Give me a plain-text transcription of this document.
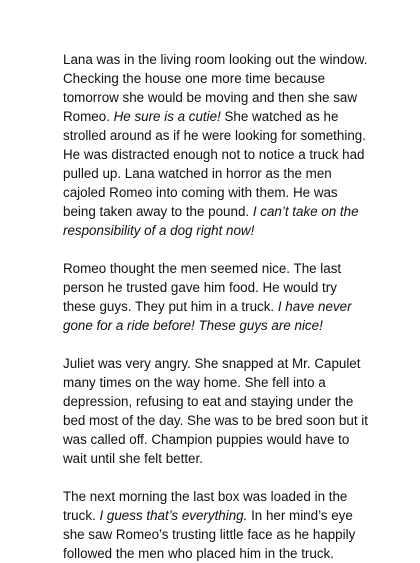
Lana was in the living room looking out the window. Checking the house one more time because tomorrow she would be moving and then she saw Romeo. He sure is a cutie! She watched as he strolled around as if he were looking for something. He was distracted enough not to notice a truck had pulled up. Lana watched in horror as the men cajoled Romeo into coming with them. He was being taken away to the pound. I can’t take on the responsibility of a dog right now!

Romeo thought the men seemed nice. The last person he trusted gave him food. He would try these guys. They put him in a truck. I have never gone for a ride before! These guys are nice!

Juliet was very angry. She snapped at Mr. Capulet many times on the way home. She fell into a depression, refusing to eat and staying under the bed most of the day. She was to be bred soon but it was called off. Champion puppies would have to wait until she felt better.

The next morning the last box was loaded in the truck. I guess that’s everything. In her mind’s eye she saw Romeo’s trusting little face as he happily followed the men who placed him in the truck.
